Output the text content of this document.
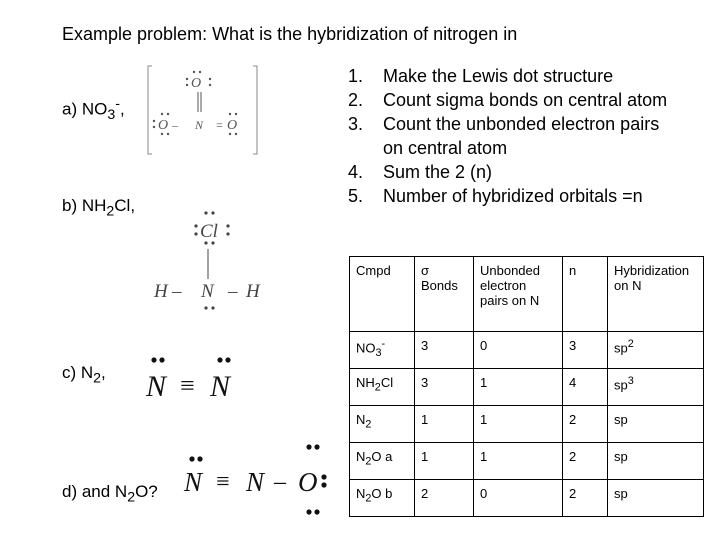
Example problem: What is the hybridization of nitrogen in
a) $NO_3^-$,
b) $NH_2Cl$,
c) $N_2$,
d) and $N_2O$?
O
O – N = O
Cl
H – N – H
N ≡ N
N ≡ N – O
1. Make the Lewis dot structure
2. Count sigma bonds on central atom
3. Count the unbonded electron pairs on central atom
4. Sum the 2 (n)
5. Number of hybridized orbitals =n
Cmpd	σ Bonds	Unbonded electron pairs on N	n	Hybridization on N
$NO_3^-$	3	0	3	$sp^2$
$NH_2Cl$	3	1	4	$sp^3$
$N_2$	1	1	2	sp
$N_2O$ a	1	1	2	sp
$N_2O$ b	2	0	2	sp
